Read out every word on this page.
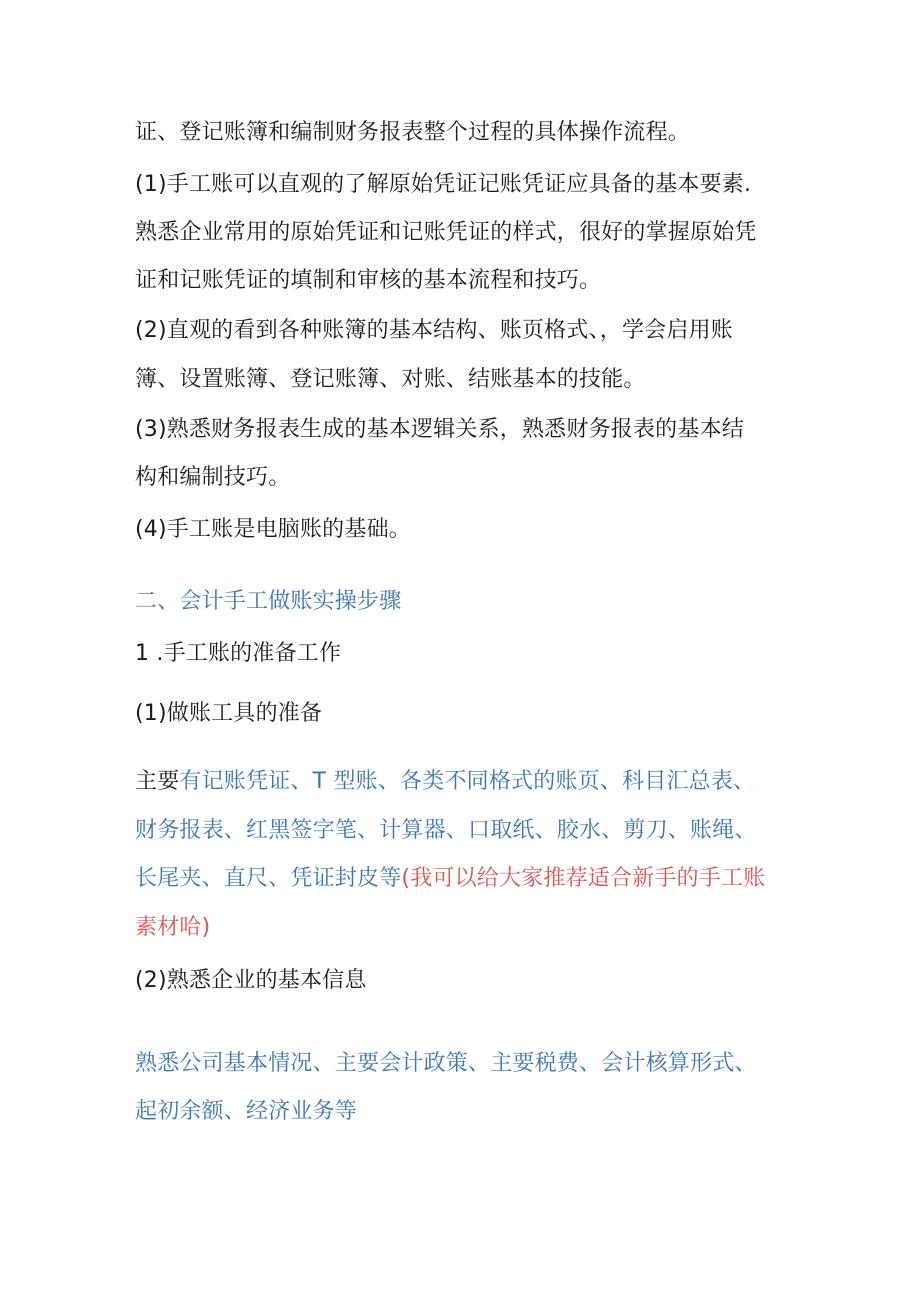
证、登记账簿和编制财务报表整个过程的具体操作流程。
(1)手工账可以直观的了解原始凭证记账凭证应具备的基本要素.
熟悉企业常用的原始凭证和记账凭证的样式，很好的掌握原始凭
证和记账凭证的填制和审核的基本流程和技巧。
(2)直观的看到各种账簿的基本结构、账页格式、，学会启用账
簿、设置账簿、登记账簿、对账、结账基本的技能。
(3)熟悉财务报表生成的基本逻辑关系，熟悉财务报表的基本结
构和编制技巧。
(4)手工账是电脑账的基础。
二、会计手工做账实操步骤
1 .手工账的准备工作
(1)做账工具的准备
主要有记账凭证、T 型账、各类不同格式的账页、科目汇总表、
财务报表、红黑签字笔、计算器、口取纸、胶水、剪刀、账绳、
长尾夹、直尺、凭证封皮等(我可以给大家推荐适合新手的手工账
素材哈)
(2)熟悉企业的基本信息
熟悉公司基本情况、主要会计政策、主要税费、会计核算形式、
起初余额、经济业务等
